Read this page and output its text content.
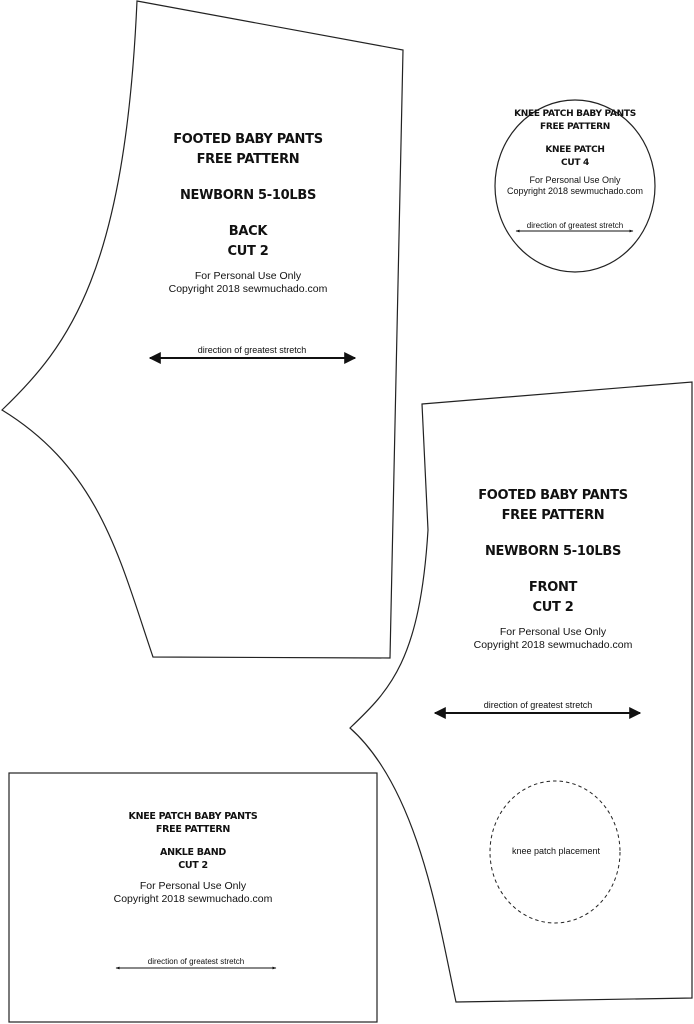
FOOTED BABY PANTS
FREE PATTERN
NEWBORN 5-10LBS
BACK
CUT 2
For Personal Use Only
Copyright 2018 sewmuchado.com
direction of greatest stretch
KNEE PATCH BABY PANTS
FREE PATTERN
KNEE PATCH
CUT 4
For Personal Use Only
Copyright 2018 sewmuchado.com
direction of greatest stretch
FOOTED BABY PANTS
FREE PATTERN
NEWBORN 5-10LBS
FRONT
CUT 2
For Personal Use Only
Copyright 2018 sewmuchado.com
direction of greatest stretch
knee patch placement
KNEE PATCH BABY PANTS
FREE PATTERN
ANKLE BAND
CUT 2
For Personal Use Only
Copyright 2018 sewmuchado.com
direction of greatest stretch
